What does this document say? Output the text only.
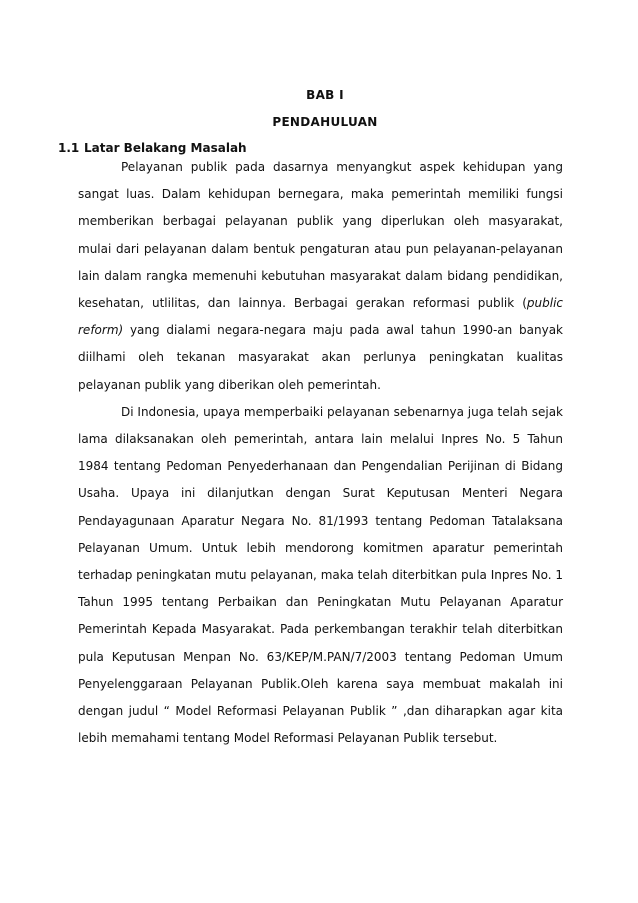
BAB I
PENDAHULUAN
1.1 Latar Belakang Masalah

Pelayanan publik pada dasarnya menyangkut aspek kehidupan yang sangat luas. Dalam kehidupan bernegara, maka pemerintah memiliki fungsi memberikan berbagai pelayanan publik yang diperlukan oleh masyarakat, mulai dari pelayanan dalam bentuk pengaturan atau pun pelayanan-pelayanan lain dalam rangka memenuhi kebutuhan masyarakat dalam bidang pendidikan, kesehatan, utlilitas, dan lainnya. Berbagai gerakan reformasi publik (public reform) yang dialami negara-negara maju pada awal tahun 1990-an banyak diilhami oleh tekanan masyarakat akan perlunya peningkatan kualitas pelayanan publik yang diberikan oleh pemerintah.

Di Indonesia, upaya memperbaiki pelayanan sebenarnya juga telah sejak lama dilaksanakan oleh pemerintah, antara lain melalui Inpres No. 5 Tahun 1984 tentang Pedoman Penyederhanaan dan Pengendalian Perijinan di Bidang Usaha. Upaya ini dilanjutkan dengan Surat Keputusan Menteri Negara Pendayagunaan Aparatur Negara No. 81/1993 tentang Pedoman Tatalaksana Pelayanan Umum. Untuk lebih mendorong komitmen aparatur pemerintah terhadap peningkatan mutu pelayanan, maka telah diterbitkan pula Inpres No. 1 Tahun 1995 tentang Perbaikan dan Peningkatan Mutu Pelayanan Aparatur Pemerintah Kepada Masyarakat. Pada perkembangan terakhir telah diterbitkan pula Keputusan Menpan No. 63/KEP/M.PAN/7/2003 tentang Pedoman Umum Penyelenggaraan Pelayanan Publik.Oleh karena saya membuat makalah ini dengan judul “ Model Reformasi Pelayanan Publik ” ,dan diharapkan agar kita lebih memahami tentang Model Reformasi Pelayanan Publik tersebut.
